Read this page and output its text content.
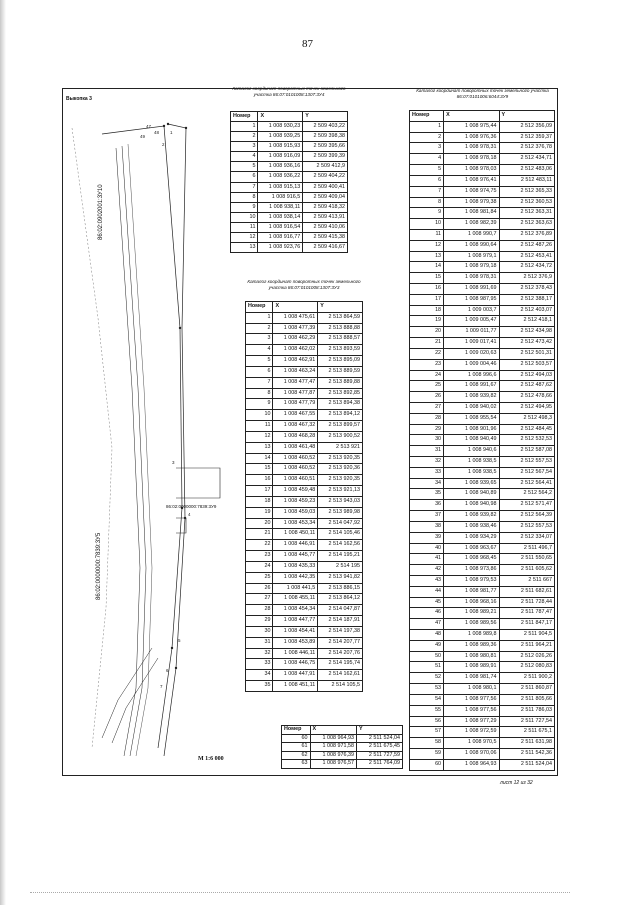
87
47
48
49
1
2
3
4
5
6
7
Выкопка 3
86:02:0902001:3У10
86:02:0000000:7839:3У5
86:02:0000000:7839:3У9
М 1:6 000
Каталог координат поворотных точек земельного участка 86:07:0101008:1307:3У4
Номер	X	Y
1	1 008 930,23	2 509 403,22
2	1 008 939,25	2 509 398,38
3	1 008 915,93	2 509 395,66
4	1 008 916,09	2 509 399,39
5	1 008 936,16	2 509 412,9
6	1 008 936,22	2 509 404,22
7	1 008 915,13	2 509 400,41
8	1 008 916,5	2 509 409,04
9	1 008 938,11	2 509 418,32
10	1 008 938,14	2 509 413,91
11	1 008 916,54	2 509 410,06
12	1 008 916,77	2 509 415,38
13	1 008 923,76	2 509 416,67
Каталог координат поворотных точек земельного участка 86:07:0101008:1307:3У3
Номер	X	Y
1	1 008 475,61	2 513 864,59
2	1 008 477,39	2 513 888,88
3	1 008 462,29	2 513 888,57
4	1 008 462,02	2 513 893,59
5	1 008 462,91	2 513 895,09
6	1 008 463,24	2 513 889,59
7	1 008 477,47	2 513 889,88
8	1 008 477,87	2 513 892,85
9	1 008 477,79	2 513 894,38
10	1 008 467,55	2 513 894,12
11	1 008 467,32	2 513 899,57
12	1 008 468,28	2 513 900,52
13	1 008 461,48	2 513 921
14	1 008 460,52	2 513 920,35
15	1 008 460,52	2 513 920,36
16	1 008 460,51	2 513 920,35
17	1 008 459,48	2 513 921,13
18	1 008 459,23	2 513 943,03
19	1 008 459,03	2 513 989,98
20	1 008 453,34	2 514 047,92
21	1 008 450,11	2 514 105,46
22	1 008 446,91	2 514 162,56
23	1 008 445,77	2 514 195,21
24	1 008 435,33	2 514 195
25	1 008 442,35	2 513 941,82
26	1 008 441,5	2 513 886,15
27	1 008 455,11	2 513 864,12
28	1 008 454,34	2 514 047,87
29	1 008 447,77	2 514 187,91
30	1 008 454,41	2 514 197,38
31	1 008 453,89	2 514 207,77
32	1 008 446,11	2 514 207,76
33	1 008 446,75	2 514 195,74
34	1 008 447,91	2 514 162,61
35	1 008 451,11	2 514 105,5
Номер	X	Y
60	1 008 964,93	2 511 524,04
61	1 008 971,58	2 511 675,45
62	1 008 976,39	2 511 727,59
63	1 008 976,57	2 511 764,09
Каталог координат поворотных точек земельного участка 86:07:0101006:6044:3У9
Номер	X	Y
1	1 008 975,44	2 512 356,09
2	1 008 976,36	2 512 359,37
3	1 008 978,31	2 512 376,78
4	1 008 978,18	2 512 434,71
5	1 008 978,03	2 512 483,06
6	1 008 976,41	2 512 483,11
7	1 008 974,75	2 512 365,33
8	1 008 979,38	2 512 360,53
9	1 008 981,84	2 512 363,31
10	1 008 982,39	2 512 363,63
11	1 008 990,7	2 512 376,89
12	1 008 990,64	2 512 487,26
13	1 008 979,1	2 512 453,41
14	1 008 979,18	2 512 434,72
15	1 008 978,31	2 512 376,9
16	1 008 991,69	2 512 378,43
17	1 008 987,95	2 512 388,17
18	1 009 003,7	2 512 403,07
19	1 009 005,47	2 512 418,1
20	1 009 011,77	2 512 434,98
21	1 009 017,41	2 512 473,42
22	1 009 020,63	2 512 501,31
23	1 009 004,46	2 512 503,57
24	1 008 996,6	2 512 494,03
25	1 008 991,67	2 512 487,62
26	1 008 939,82	2 512 478,66
27	1 008 940,02	2 512 494,95
28	1 008 955,54	2 512 498,3
29	1 008 901,96	2 512 484,45
30	1 008 940,49	2 512 532,53
31	1 008 940,6	2 512 587,08
32	1 008 938,5	2 512 557,53
33	1 008 938,5	2 512 567,54
34	1 008 939,65	2 512 564,41
35	1 008 940,89	2 512 564,2
36	1 008 940,98	2 512 571,47
37	1 008 939,82	2 512 564,39
38	1 008 938,46	2 512 557,53
39	1 008 934,29	2 512 334,07
40	1 008 963,67	2 511 496,7
41	1 008 968,45	2 511 550,65
42	1 008 973,86	2 511 605,62
43	1 008 979,53	2 511 667
44	1 008 981,77	2 511 682,61
45	1 008 968,16	2 511 728,44
46	1 008 989,21	2 511 787,47
47	1 008 989,56	2 511 847,17
48	1 008 989,8	2 511 904,5
49	1 008 989,36	2 511 964,21
50	1 008 980,81	2 512 026,26
51	1 008 989,91	2 512 080,83
52	1 008 981,74	2 511 900,2
53	1 008 980,1	2 511 860,87
54	1 008 977,56	2 511 805,66
55	1 008 977,56	2 511 786,03
56	1 008 977,29	2 511 727,54
57	1 008 972,59	2 511 675,1
58	1 008 970,5	2 511 631,98
59	1 008 970,06	2 511 542,36
60	1 008 964,93	2 511 524,04
лист 12 из 32
